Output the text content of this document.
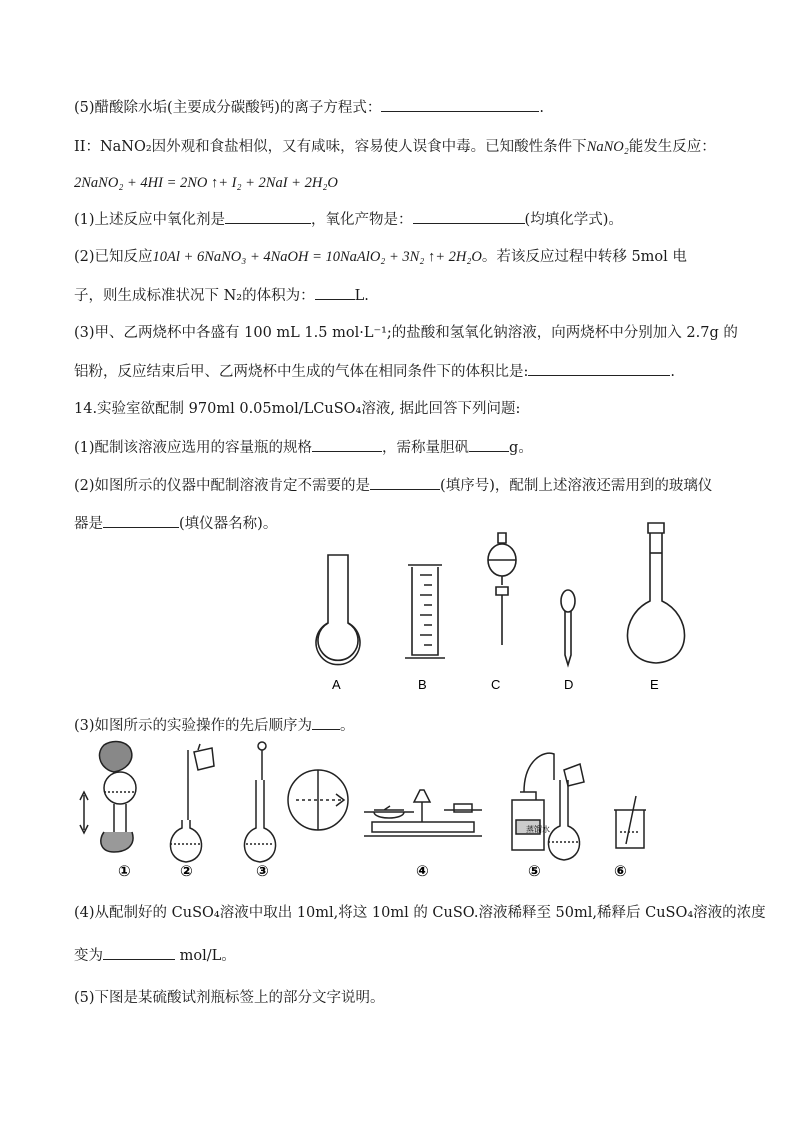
(5)醋酸除水垢(主要成分碳酸钙)的离子方程式：	.
II：NaNO₂因外观和食盐相似，又有咸味，容易使人误食中毒。已知酸性条件下NaNO₂能发生反应：
2NaNO₂ + 4HI = 2NO ↑+ I₂ + 2NaI + 2H₂O
(1)上述反应中氧化剂是	，氧化产物是：	(均填化学式)。
(2)已知反应10Al + 6NaNO₃ + 4NaOH = 10NaAlO₂ + 3N₂ ↑+ 2H₂O。若该反应过程中转移 5mol 电
子，则生成标准状况下 N₂的体积为：	L.
(3)甲、乙两烧杯中各盛有 100 mL 1.5 mol·L⁻¹;的盐酸和氢氧化钠溶液，向两烧杯中分别加入 2.7g 的
铝粉，反应结束后甲、乙两烧杯中生成的气体在相同条件下的体积比是:	.
14.实验室欲配制 970ml 0.05mol/LCuSO₄溶液, 据此回答下列问题:
(1)配制该溶液应选用的容量瓶的规格	，需称量胆矾	g。
(2)如图所示的仪器中配制溶液肯定不需要的是	(填序号)，配制上述溶液还需用到的玻璃仪
器是	(填仪器名称)。
A	B	C	D	E
(3)如图所示的实验操作的先后顺序为 。
蒸馏水
①	②	③	④	⑤	⑥
(4)从配制好的 CuSO₄溶液中取出 10ml,将这 10ml 的 CuSO.溶液稀释至 50ml,稀释后 CuSO₄溶液的浓度
变为	mol/L。
(5)下图是某硫酸试剂瓶标签上的部分文字说明。
